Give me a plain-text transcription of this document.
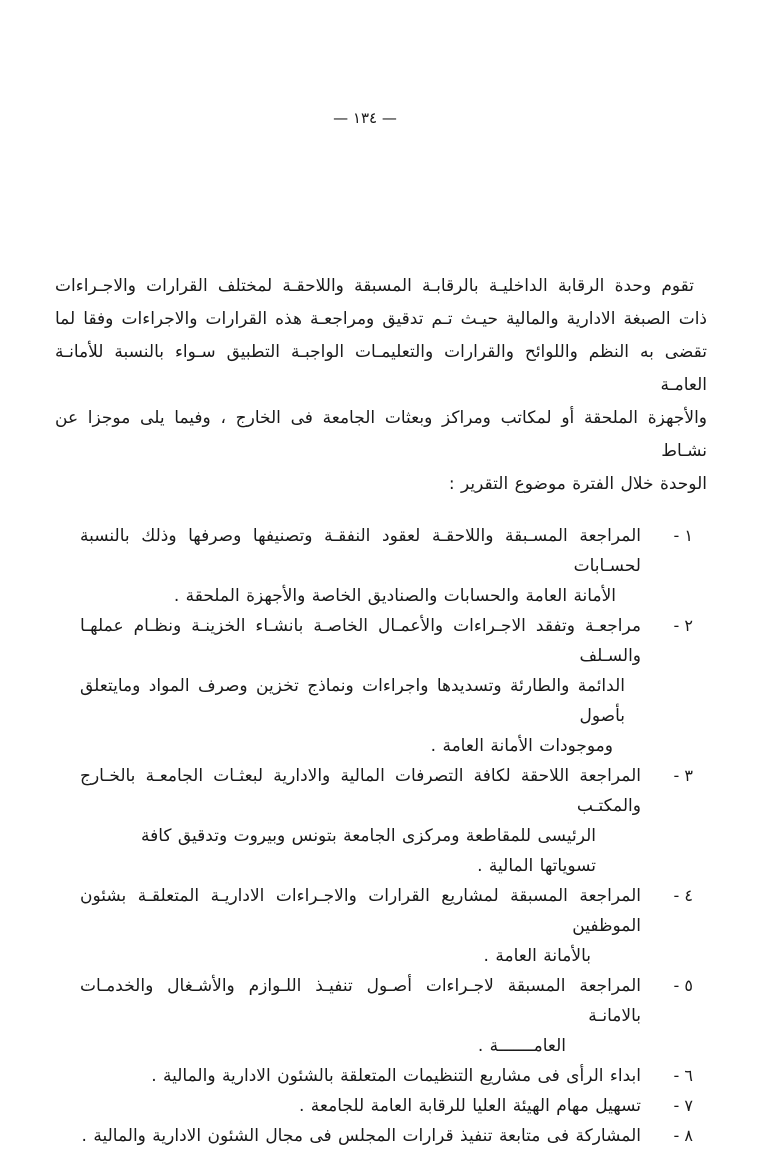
— ١٣٤ —
تقوم وحدة الرقابة الداخليـة بالرقابـة المسبقة واللاحقـة لمختلف القرارات والاجـراءات
ذات الصبغة الادارية والمالية حيـث تـم تدقيق ومراجعـة هذه القرارات والاجراءات وفقا لما
تقضى به النظم واللوائح والقرارات والتعليمـات الواجبـة التطبيق سـواء بالنسبة للأمانـة العامـة
والأجهزة الملحقة أو لمكاتب ومراكز وبعثات الجامعة فى الخارج ، وفيما يلى موجزا عن نشـاط
الوحدة خلال الفترة موضوع التقرير :
١ -
المراجعة المسـبقة واللاحقـة لعقود النفقـة وتصنيفها وصرفها وذلك بالنسبة لحسـابات
الأمانة العامة والحسابات والصناديق الخاصة والأجهزة الملحقة .
٢ -
مراجعـة وتفقد الاجـراءات والأعمـال الخاصـة بانشـاء الخزينـة ونظـام عملهـا والسـلف
الدائمة والطارئة وتسديدها واجراءات ونماذج تخزين وصرف المواد ومايتعلق بأصول
وموجودات الأمانة العامة .
٣ -
المراجعة اللاحقة لكافة التصرفات المالية والادارية لبعثـات الجامعـة بالخـارج والمكتـب
الرئيسى للمقاطعة ومركزى الجامعة بتونس وبيروت وتدقيق كافة تسوياتها المالية .
٤ -
المراجعة المسبقة لمشاريع القرارات والاجـراءات الاداريـة المتعلقـة بشئون الموظفين
بالأمانة العامة .
٥ -
المراجعة المسبقة لاجـراءات أصـول تنفيـذ اللـوازم والأشـغال والخدمـات بالامانـة
العامـــــــة .
٦ -
ابداء الرأى فى مشاريع التنظيمات المتعلقة بالشئون الادارية والمالية .
٧ -
تسهيل مهام الهيئة العليا للرقابة العامة للجامعة .
٨ -
المشاركة فى متابعة تنفيذ قرارات المجلس فى مجال الشئون الادارية والمالية .
